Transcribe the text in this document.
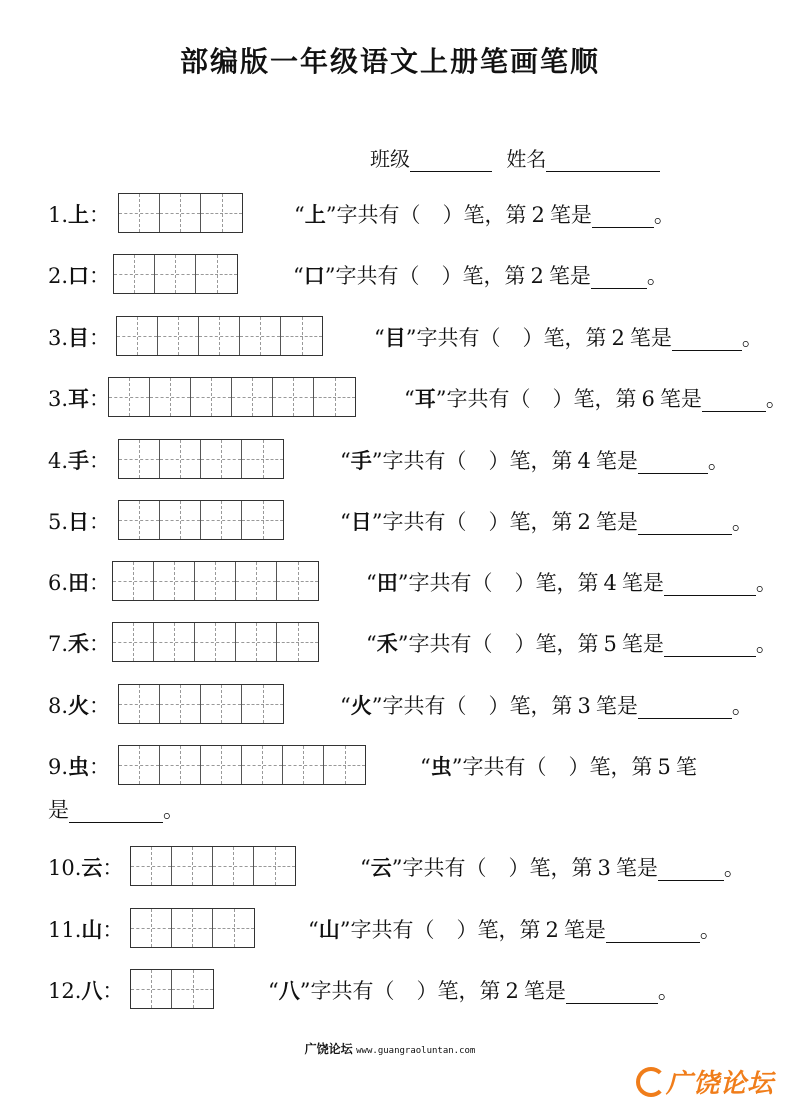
部编版一年级语文上册笔画笔顺
班级	姓名
1.上：	“上”字共有（ ）笔，第 2 笔是	。
2.口：	“口”字共有（ ）笔，第 2 笔是	。
3.目：	“目”字共有（ ）笔，第 2 笔是	。
3.耳：	“耳”字共有（ ）笔，第 6 笔是	。
4.手：	“手”字共有（ ）笔，第 4 笔是	。
5.日：	“日”字共有（ ）笔，第 2 笔是	。
6.田：	“田”字共有（ ）笔，第 4 笔是	。
7.禾：	“禾”字共有（ ）笔，第 5 笔是	。
8.火：	“火”字共有（ ）笔，第 3 笔是	。
9.虫：	“虫”字共有（ ）笔，第 5 笔
是	。
10.云：	“云”字共有（ ）笔，第 3 笔是	。
11.山：	“山”字共有（ ）笔，第 2 笔是	。
12.八：	“八”字共有（ ）笔，第 2 笔是	。
广饶论坛 www.guangraoluntan.com
广饶论坛
